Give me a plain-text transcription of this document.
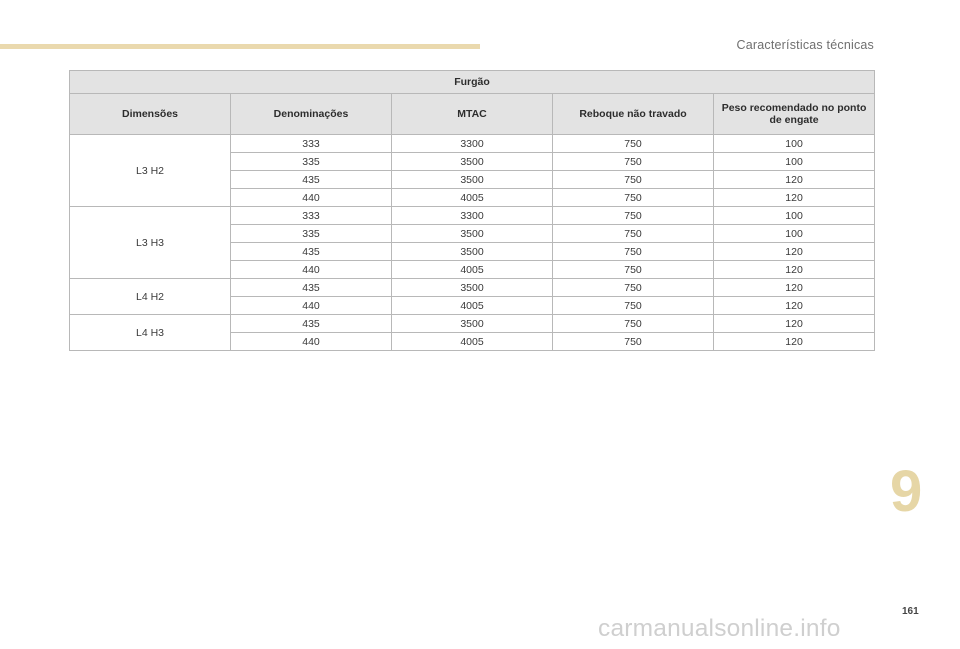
Características técnicas
Furgão				
Dimensões	Denominações	MTAC	Reboque não travado	Peso recomendado no ponto de engate
L3 H2	333	3300	750	100
	335	3500	750	100
	435	3500	750	120
	440	4005	750	120
L3 H3	333	3300	750	100
	335	3500	750	100
	435	3500	750	120
	440	4005	750	120
L4 H2	435	3500	750	120
	440	4005	750	120
L4 H3	435	3500	750	120
	440	4005	750	120
9
161
carmanualsonline.info
